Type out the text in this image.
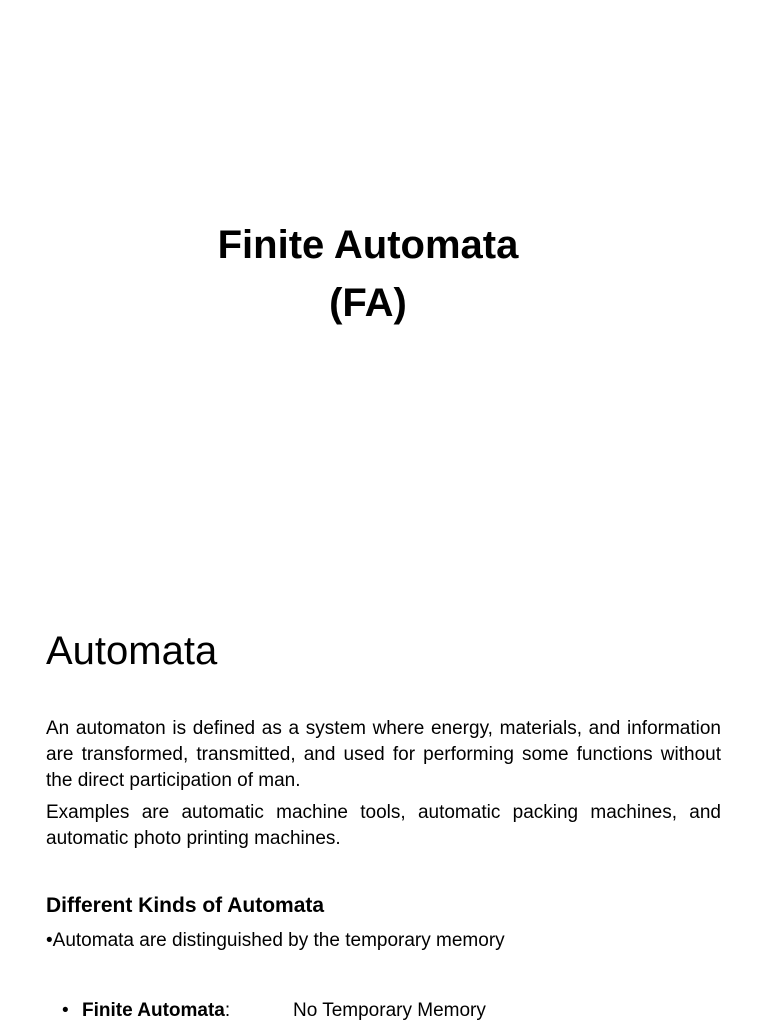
Finite Automata
(FA)
Automata

An automaton is defined as a system where energy, materials, and information are transformed, transmitted, and used for performing some functions without the direct participation of man.

Examples are automatic machine tools, automatic packing machines, and automatic photo printing machines.

Different Kinds of Automata

•Automata are distinguished by the temporary memory

• Finite Automata:	No Temporary Memory
